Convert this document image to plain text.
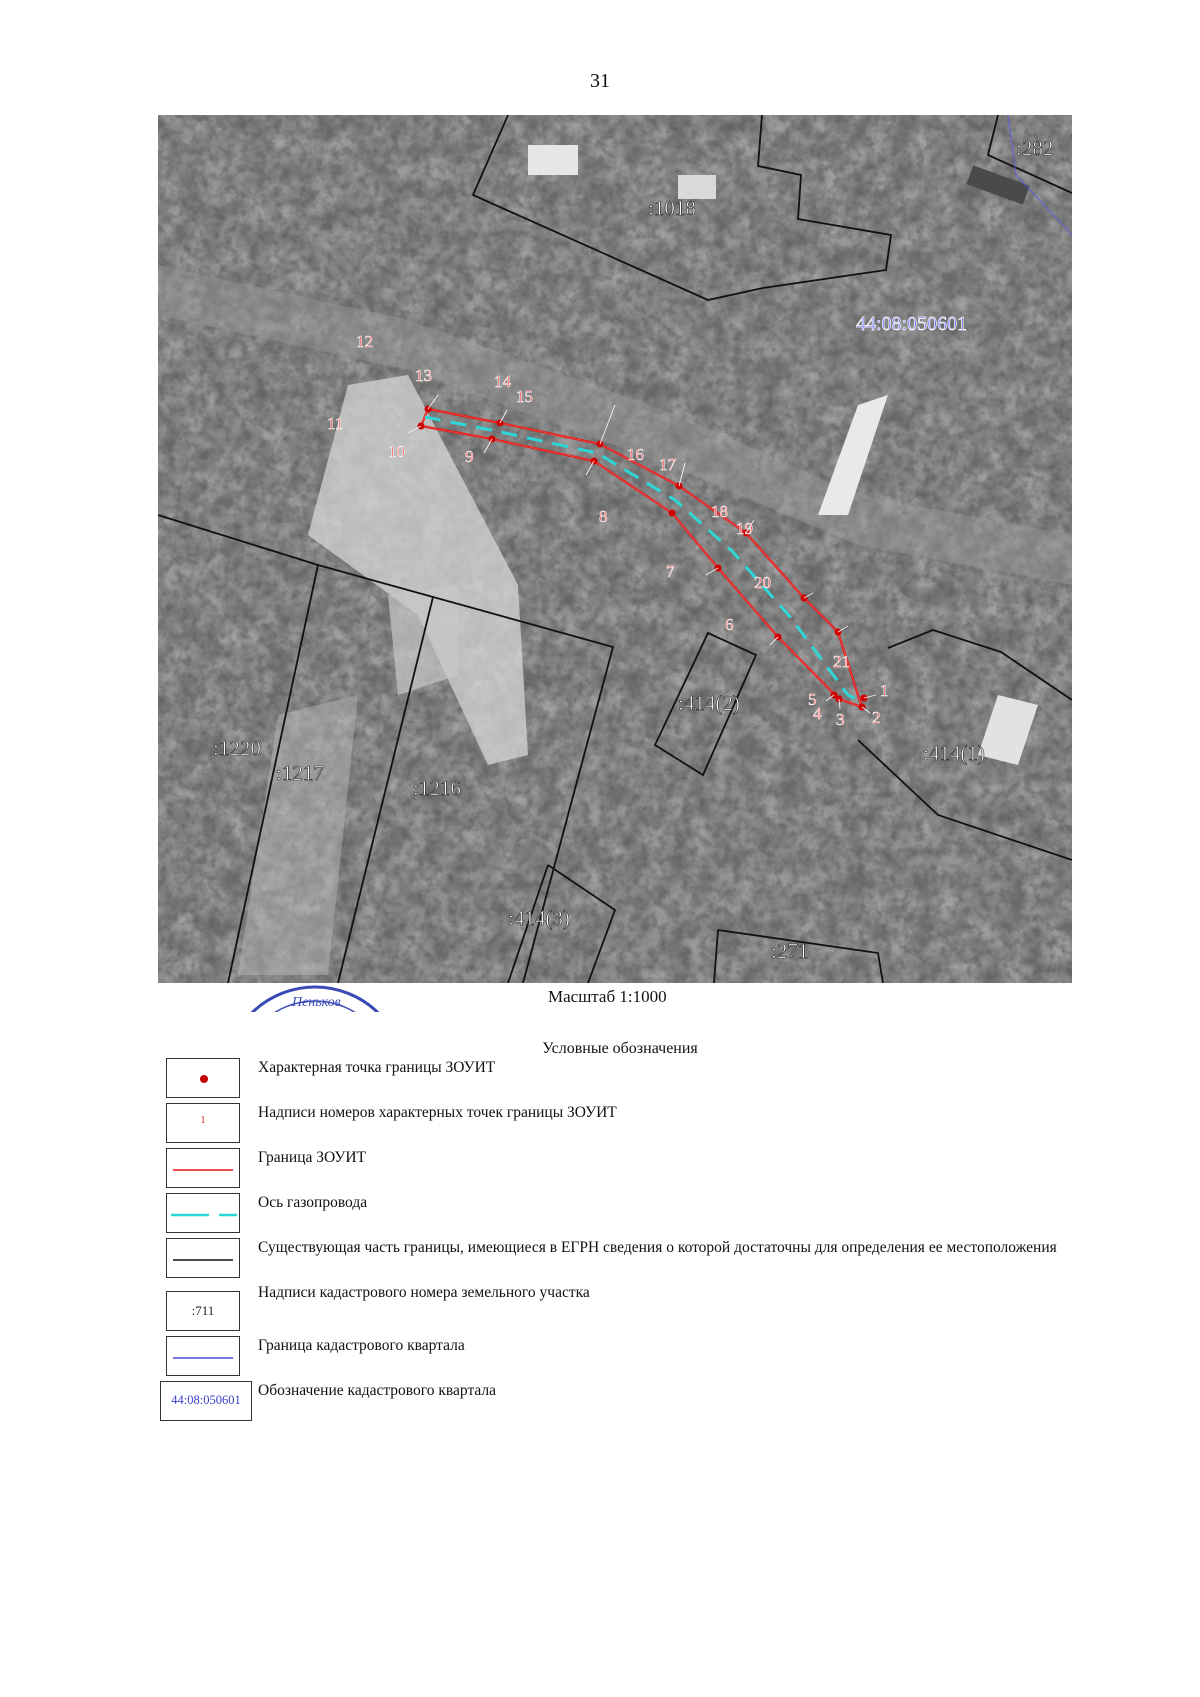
31
:282
:1018
:1220
:1217
:1216
:414(2)
:414(1)
:414(3)
:271
44:08:050601
1
2
3
4
5
6
7
8
9
10
11
12
13	14
15
16
17
18
19
20
21
Пеньков	Масштаб 1:1000
Условные обозначения
Характерная точка границы ЗОУИТ
1	Надписи номеров характерных точек границы ЗОУИТ
Граница ЗОУИТ
Ось газопровода
Существующая часть границы, имеющиеся в ЕГРН сведения о которой достаточны для определения ее местоположения
:711
Надписи кадастрового номера земельного участка
Граница кадастрового квартала
44:08:050601
Обозначение кадастрового квартала
